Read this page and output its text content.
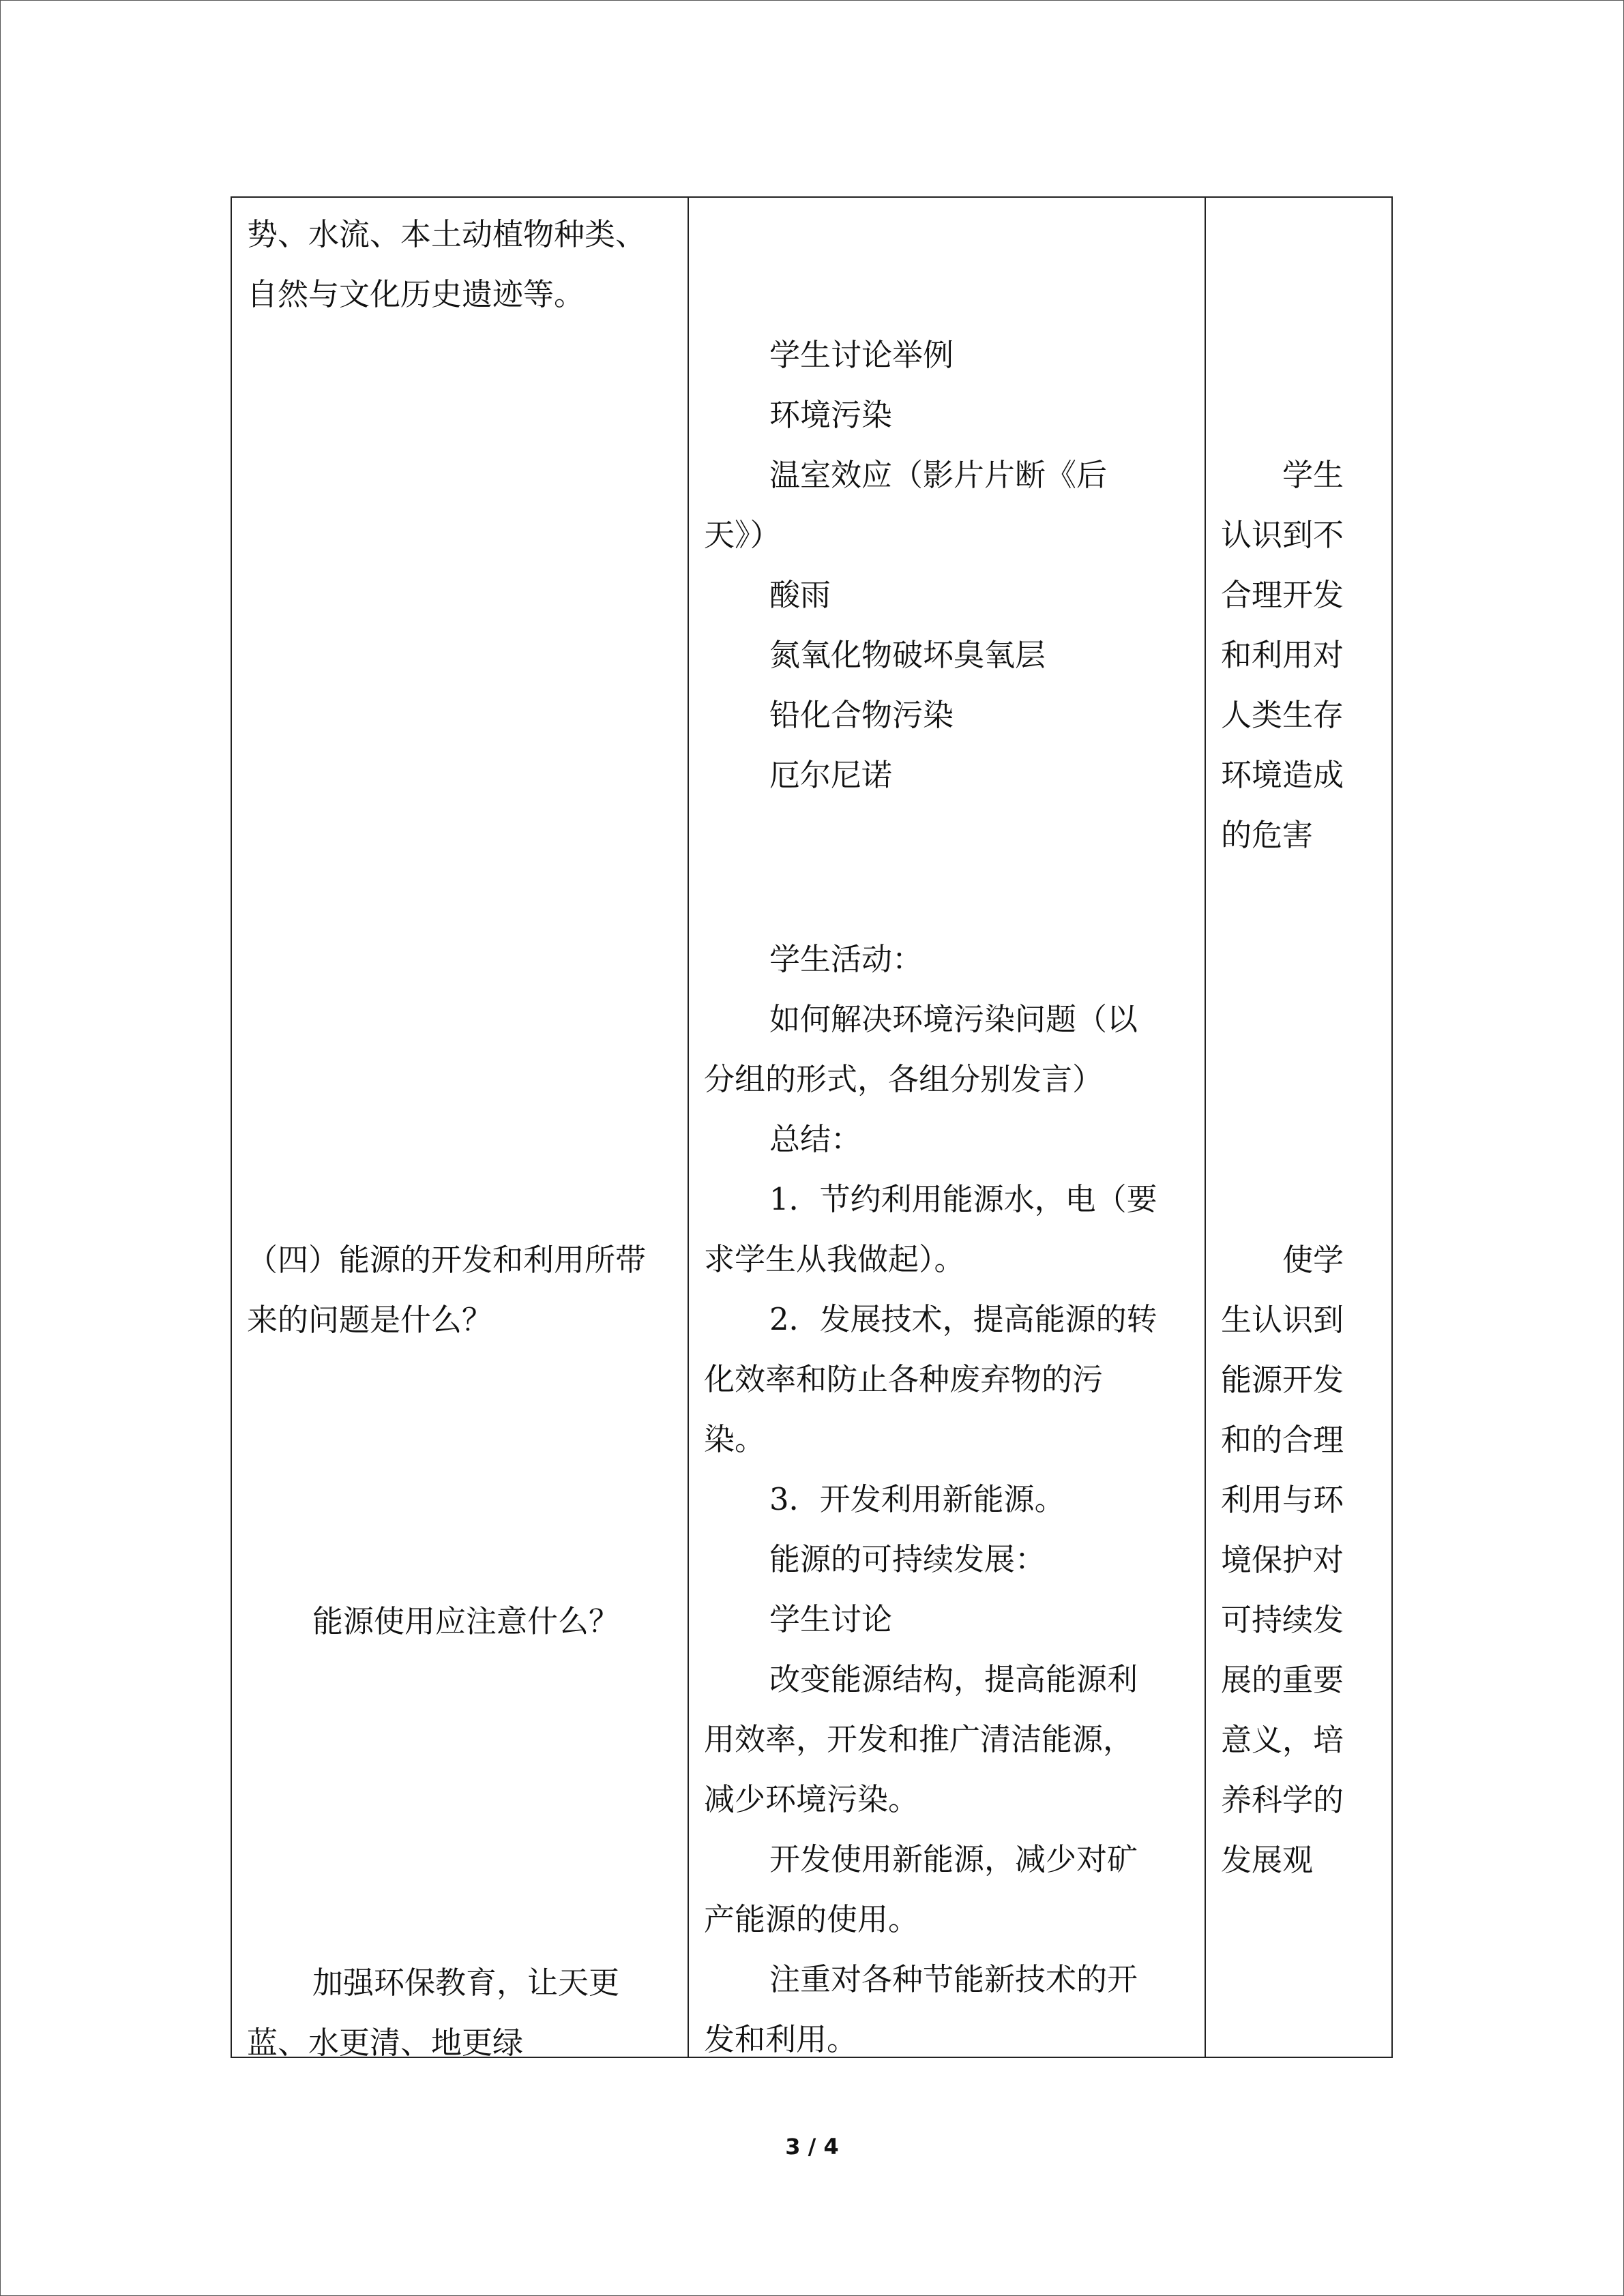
势、水流、本土动植物种类、
自然与文化历史遗迹等。
（四）能源的开发和利用所带
来的问题是什么？
能源使用应注意什么？
加强环保教育，让天更
蓝、水更清、地更绿
学生讨论举例
环境污染
温室效应（影片片断《后
天》）
酸雨
氮氧化物破坏臭氧层
铅化合物污染
厄尔尼诺
学生活动：
如何解决环境污染问题（以
分组的形式，各组分别发言）
总结：
1．节约利用能源水，电（要
求学生从我做起）。
2．发展技术，提高能源的转
化效率和防止各种废弃物的污
染。
3．开发利用新能源。
能源的可持续发展：
学生讨论
改变能源结构，提高能源利
用效率，开发和推广清洁能源，
减少环境污染。
开发使用新能源，减少对矿
产能源的使用。
注重对各种节能新技术的开
发和利用。
学生
认识到不
合理开发
和利用对
人类生存
环境造成
的危害
使学
生认识到
能源开发
和的合理
利用与环
境保护对
可持续发
展的重要
意义，培
养科学的
发展观
3 / 4
